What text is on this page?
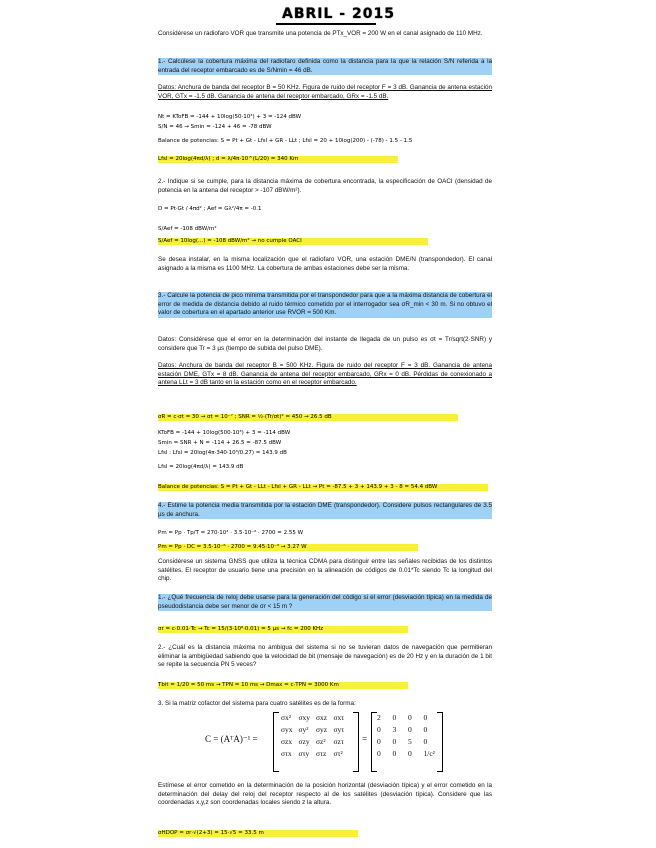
ABRIL - 2015

Considérese un radiofaro VOR que transmite una potencia de PTx_VOR = 200 W en el canal asignado de 110 MHz.

1.- Calcúlese la cobertura máxima del radiofaro definida como la distancia para la que la relación S/N referida a la entrada del receptor embarcado es de S/Nmin = 46 dB.

Datos: Anchura de banda del receptor B = 50 KHz. Figura de ruido del receptor F = 3 dB. Ganancia de antena estación VOR, GTx = -1.5 dB. Ganancia de antena del receptor embarcado, GRx = -1.5 dB.

Nt = KToFB = -144 + 10log(50·10³) + 3 = -124 dBW
S/N = 46 → Smin = -124 + 46 = -78 dBW
Balance de potencias: S = Pt + Gt - Lfsl + GR - LLt ; Lfsl = 20 + 10log(200) - (-78) - 1.5 - 1.5
Lfsl = 20log(4πd/λ) ; d = λ/4π·10^(L/20) = 340 Km

2.- Indique si se cumple, para la distancia máxima de cobertura encontrada, la especificación de OACI (densidad de potencia en la antena del receptor > -107 dBW/m²).

D = Pt·Gt / 4πd² ; Aef = Gλ²/4π = -0.1
S/Aef = -108 dBW/m²
S/Aef = 10log(...) = -108 dBW/m² → no cumple OACI

Se desea instalar, en la misma localización que el radiofaro VOR, una estación DME/N (transpondedor). El canal asignado a la misma es 1100 MHz. La cobertura de ambas estaciones debe ser la misma.

3.- Calcule la potencia de pico mínima transmitida por el transpondedor para que a la máxima distancia de cobertura el error de medida de distancia debido al ruido térmico cometido por el interrogador sea σR_min < 30 m. Si no obtuvo el valor de cobertura en el apartado anterior use RVOR = 500 Km.

Datos: Considérese que el error en la determinación del instante de llegada de un pulso es σt = Tr/sqrt(2·SNR) y considere que Tr = 3 µs (tiempo de subida del pulso DME).

Datos: Anchura de banda del receptor B = 500 KHz. Figura de ruido del receptor F = 3 dB. Ganancia de antena estación DME, GTx = 8 dB. Ganancia de antena del receptor embarcado, GRx = 0 dB. Pérdidas de conexionado a antena LLt = 3 dB tanto en la estación como en el receptor embarcado.

σR = c·σt = 30 → σt = 10⁻⁷ ; SNR = ½·(Tr/σt)² = 450 → 26.5 dB
KToFB = -144 + 10log(500·10³) + 3 = -114 dBW
Smin = SNR + N = -114 + 26.5 = -87.5 dBW
Lfsl : Lfsl = 20log(4π·340·10³/0.27) = 143.9 dB
Lfsl = 20log(4πd/λ) = 143.9 dB
Balance de potencias: S = Pt + Gt - LLt - Lfsl + GR - LLt → Pt = -87.5 + 3 + 143.9 + 3 - 8 = 54.4 dBW

4.- Estime la potencia media transmitida por la estación DME (transpondedor). Considere pulsos rectangulares de 3.5 µs de anchura.

Pm = Pp · Tp/T = 270·10³ · 3.5·10⁻⁶ · 2700 = 2.55 W
Pm = Pp · DC = 3.5·10⁻⁶ · 2700 = 9.45·10⁻³ → 3.27 W

Considérese un sistema GNSS que utiliza la técnica CDMA para distinguir entre las señales recibidas de los distintos satélites. El receptor de usuario tiene una precisión en la alineación de códigos de 0.01*Tc siendo Tc la longitud del chip.

1.- ¿Qué frecuencia de reloj debe usarse para la generación del código si el error (desviación típica) en la medida de pseudodistancia debe ser menor de σr < 15 m ?

σr = c·0.01·Tc → Tc = 15/(3·10⁸·0.01) = 5 µs → fc = 200 KHz

2.- ¿Cuál es la distancia máxima no ambigua del sistema si no se tuvieran datos de navegación que permitieran eliminar la ambigüedad sabiendo que la velocidad de bit (mensaje de navegación) es de 20 Hz y en la duración de 1 bit se repite la secuencia PN 5 veces?

Tbit = 1/20 = 50 ms → TPN = 10 ms → Dmax = c·TPN = 3000 Km

3. Si la matriz cofactor del sistema para cuatro satélites es de la forma:

C = (AᵀA)⁻¹ =
σx² σxy σxz σxτ
σyx σy² σyz σyτ
σzx σzy σz²	σzτ
στx στy στz στ²
=
2	0	0	0
0	3	0	0
0	0	5	0
0	0	0	1/c²

Estímese el error cometido en la determinación de la posición horizontal (desviación típica) y el error cometido en la determinación del delay del reloj del receptor respecto al de los satélites (desviación típica). Considere que las coordenadas x,y,z son coordenadas locales siendo z la altura.

σHDOP = σr·√(2+3) = 15·√5 = 33.5 m
